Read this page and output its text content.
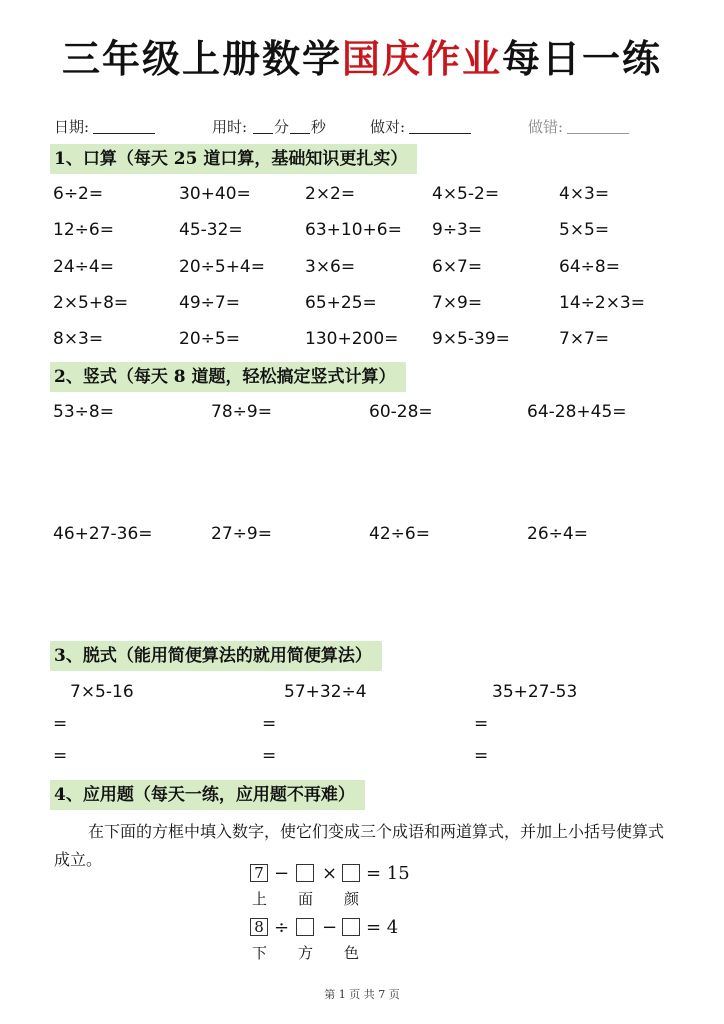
三年级上册数学国庆作业每日一练
日期:	用时: 分 秒	做对:	做错:
1、口算（每天 25 道口算，基础知识更扎实）
6÷2=	30+40=	2×2=	4×5-2=	4×3=
12÷6=	45-32=	63+10+6= 9÷3=	5×5=
24÷4=	20÷5+4= 3×6=	6×7=	64÷8=
2×5+8=	49÷7=	65+25=	7×9=	14÷2×3=
8×3=	20÷5=	130+200= 9×5-39=	7×7=
2、竖式（每天 8 道题，轻松搞定竖式计算）
53÷8=	78÷9=	60-28=	64-28+45=
46+27-36=	27÷9=	42÷6=	26÷4=
3、脱式（能用简便算法的就用简便算法）
7×5-16	57+32÷4	35+27-53
=	=	=
=	=	=
4、应用题（每天一练，应用题不再难）
在下面的方框中填入数字，使它们变成三个成语和两道算式，并加上小括号使算式成立。
7 − × = 15
上 面 颜
8 ÷ − = 4
下 方 色
第 1 页 共 7 页
